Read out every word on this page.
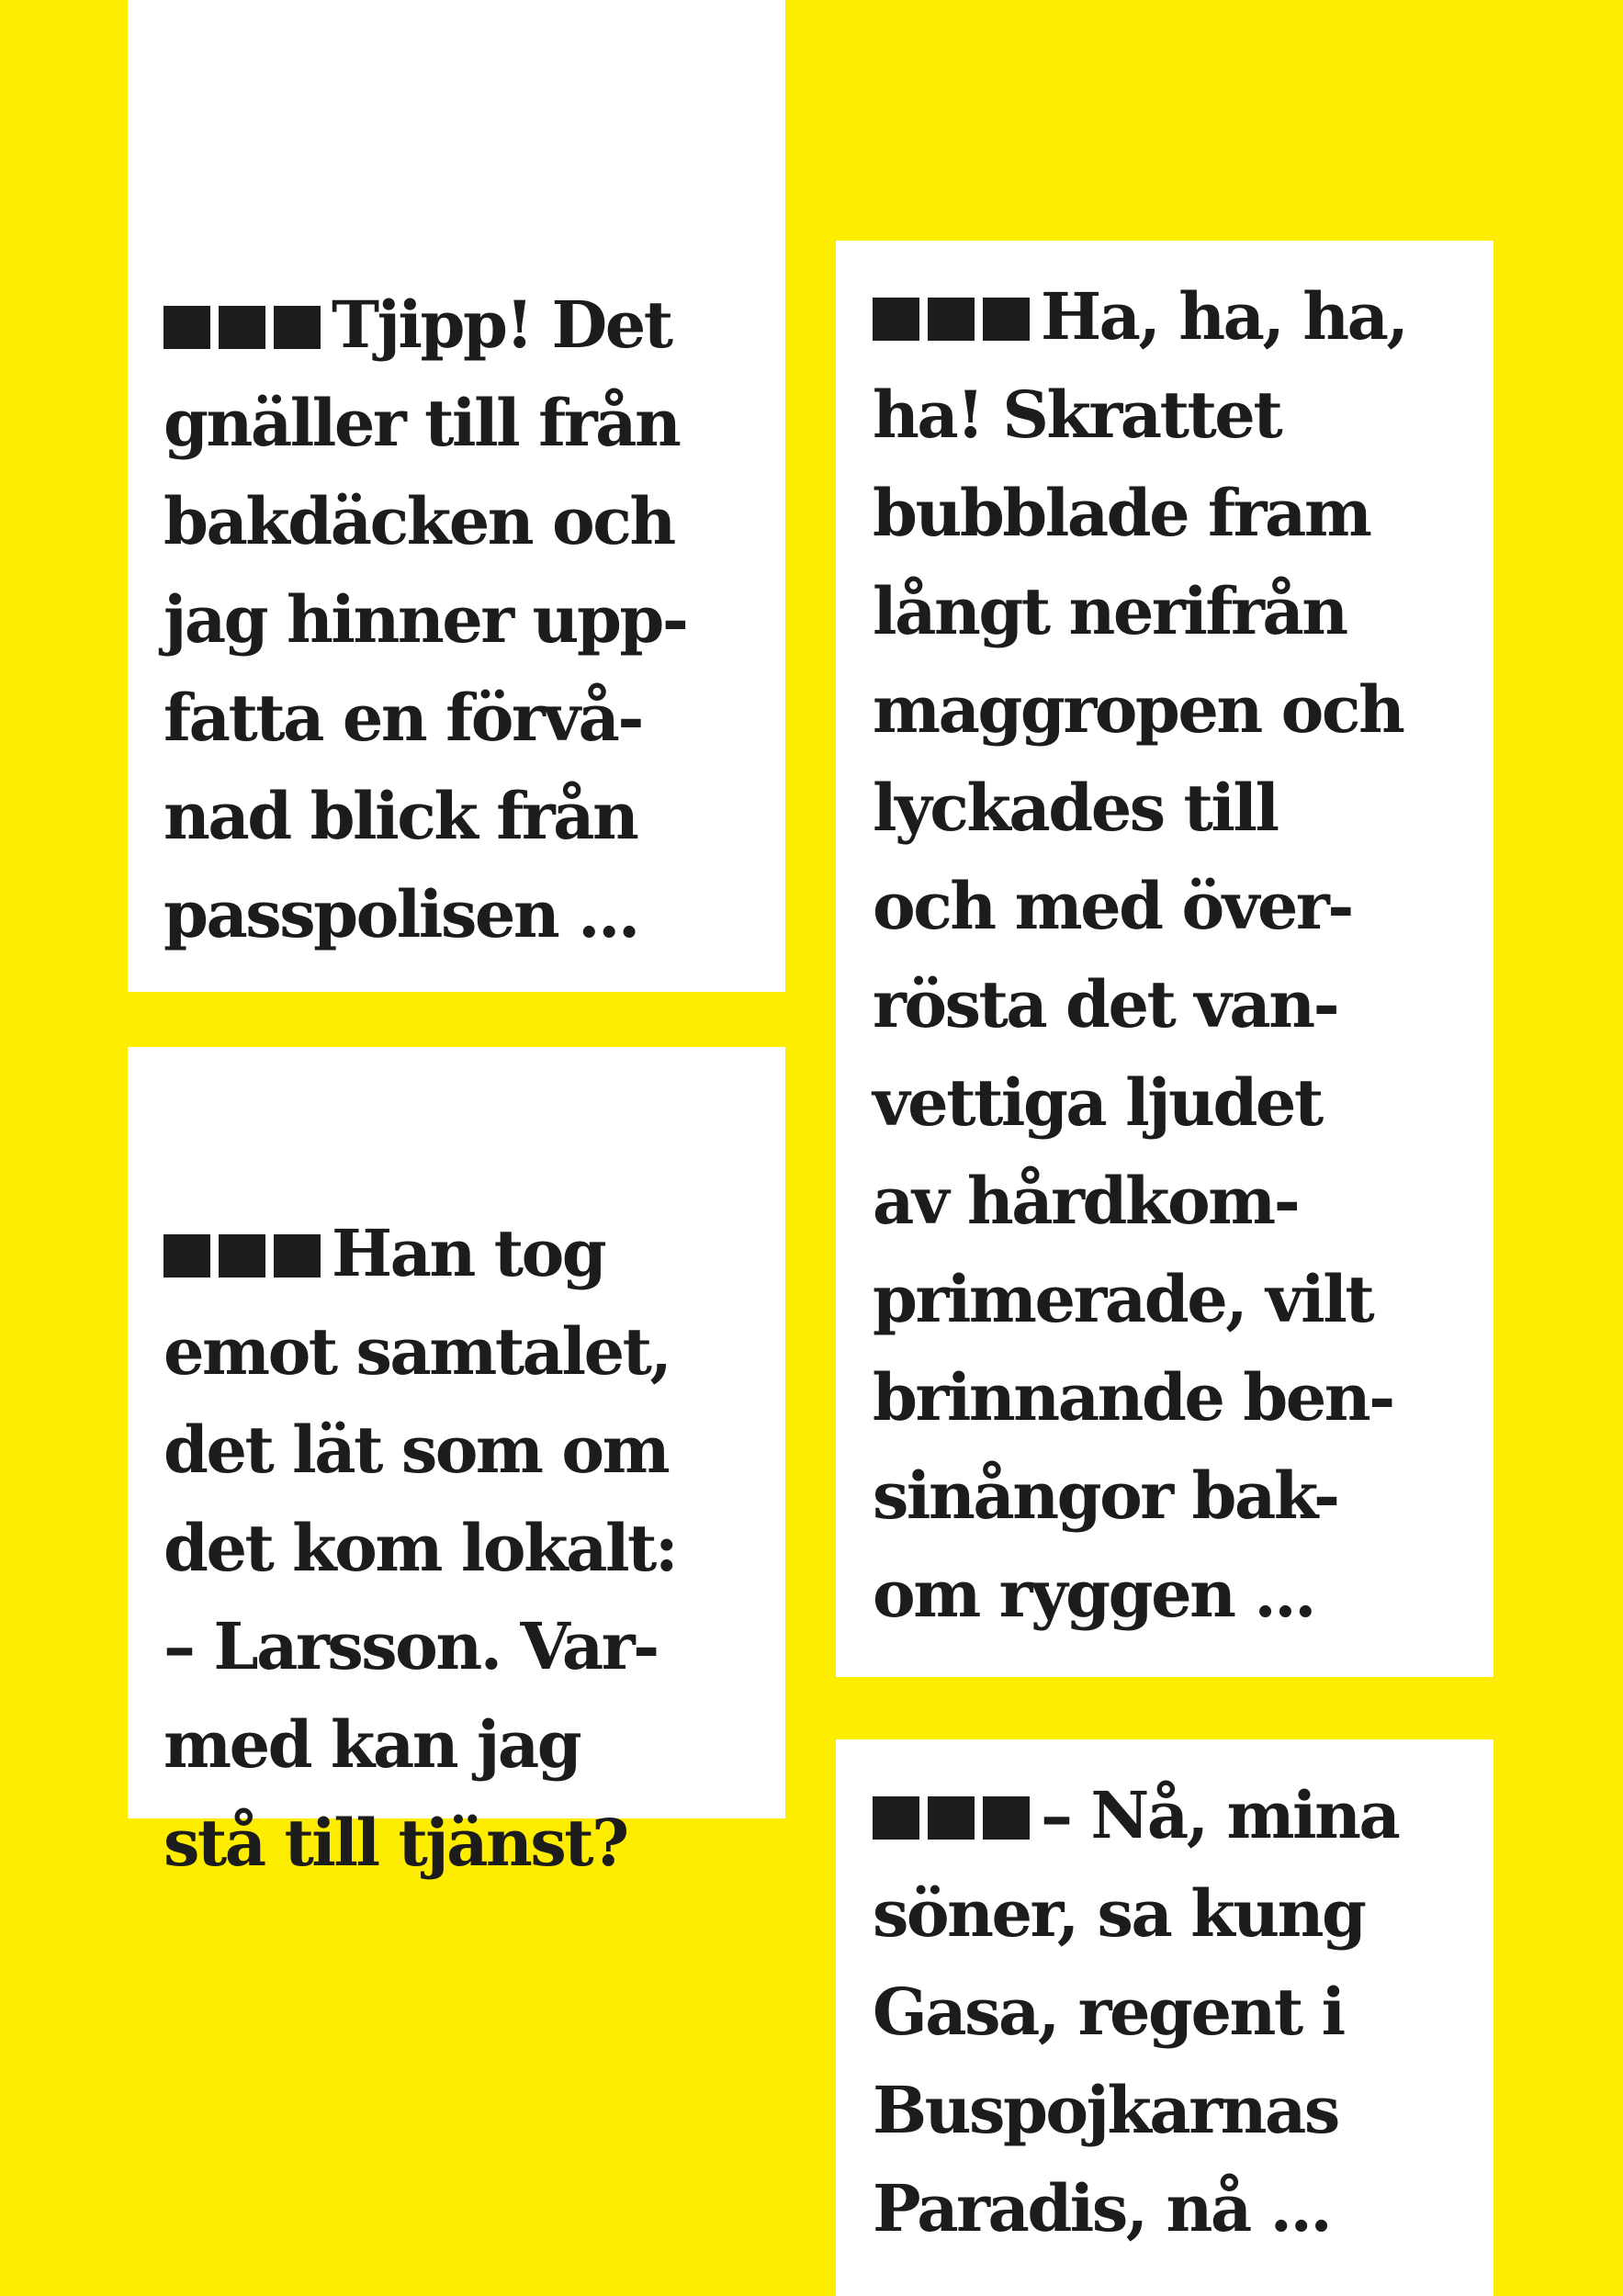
Tjipp! Det
gnäller till från
bakdäcken och
jag hinner upp-
fatta en förvå-
nad blick från
passpolisen ...

Han tog
emot samtalet,
det lät som om
det kom lokalt:
– Larsson. Var-
med kan jag
stå till tjänst?

Ha, ha, ha,
ha! Skrattet
bubblade fram
långt nerifrån
maggropen och
lyckades till
och med över-
rösta det van-
vettiga ljudet
av hårdkom-
primerade, vilt
brinnande ben-
sinångor bak-
om ryggen ...

– Nå, mina
söner, sa kung
Gasa, regent i
Buspojkarnas
Paradis, nå ...
